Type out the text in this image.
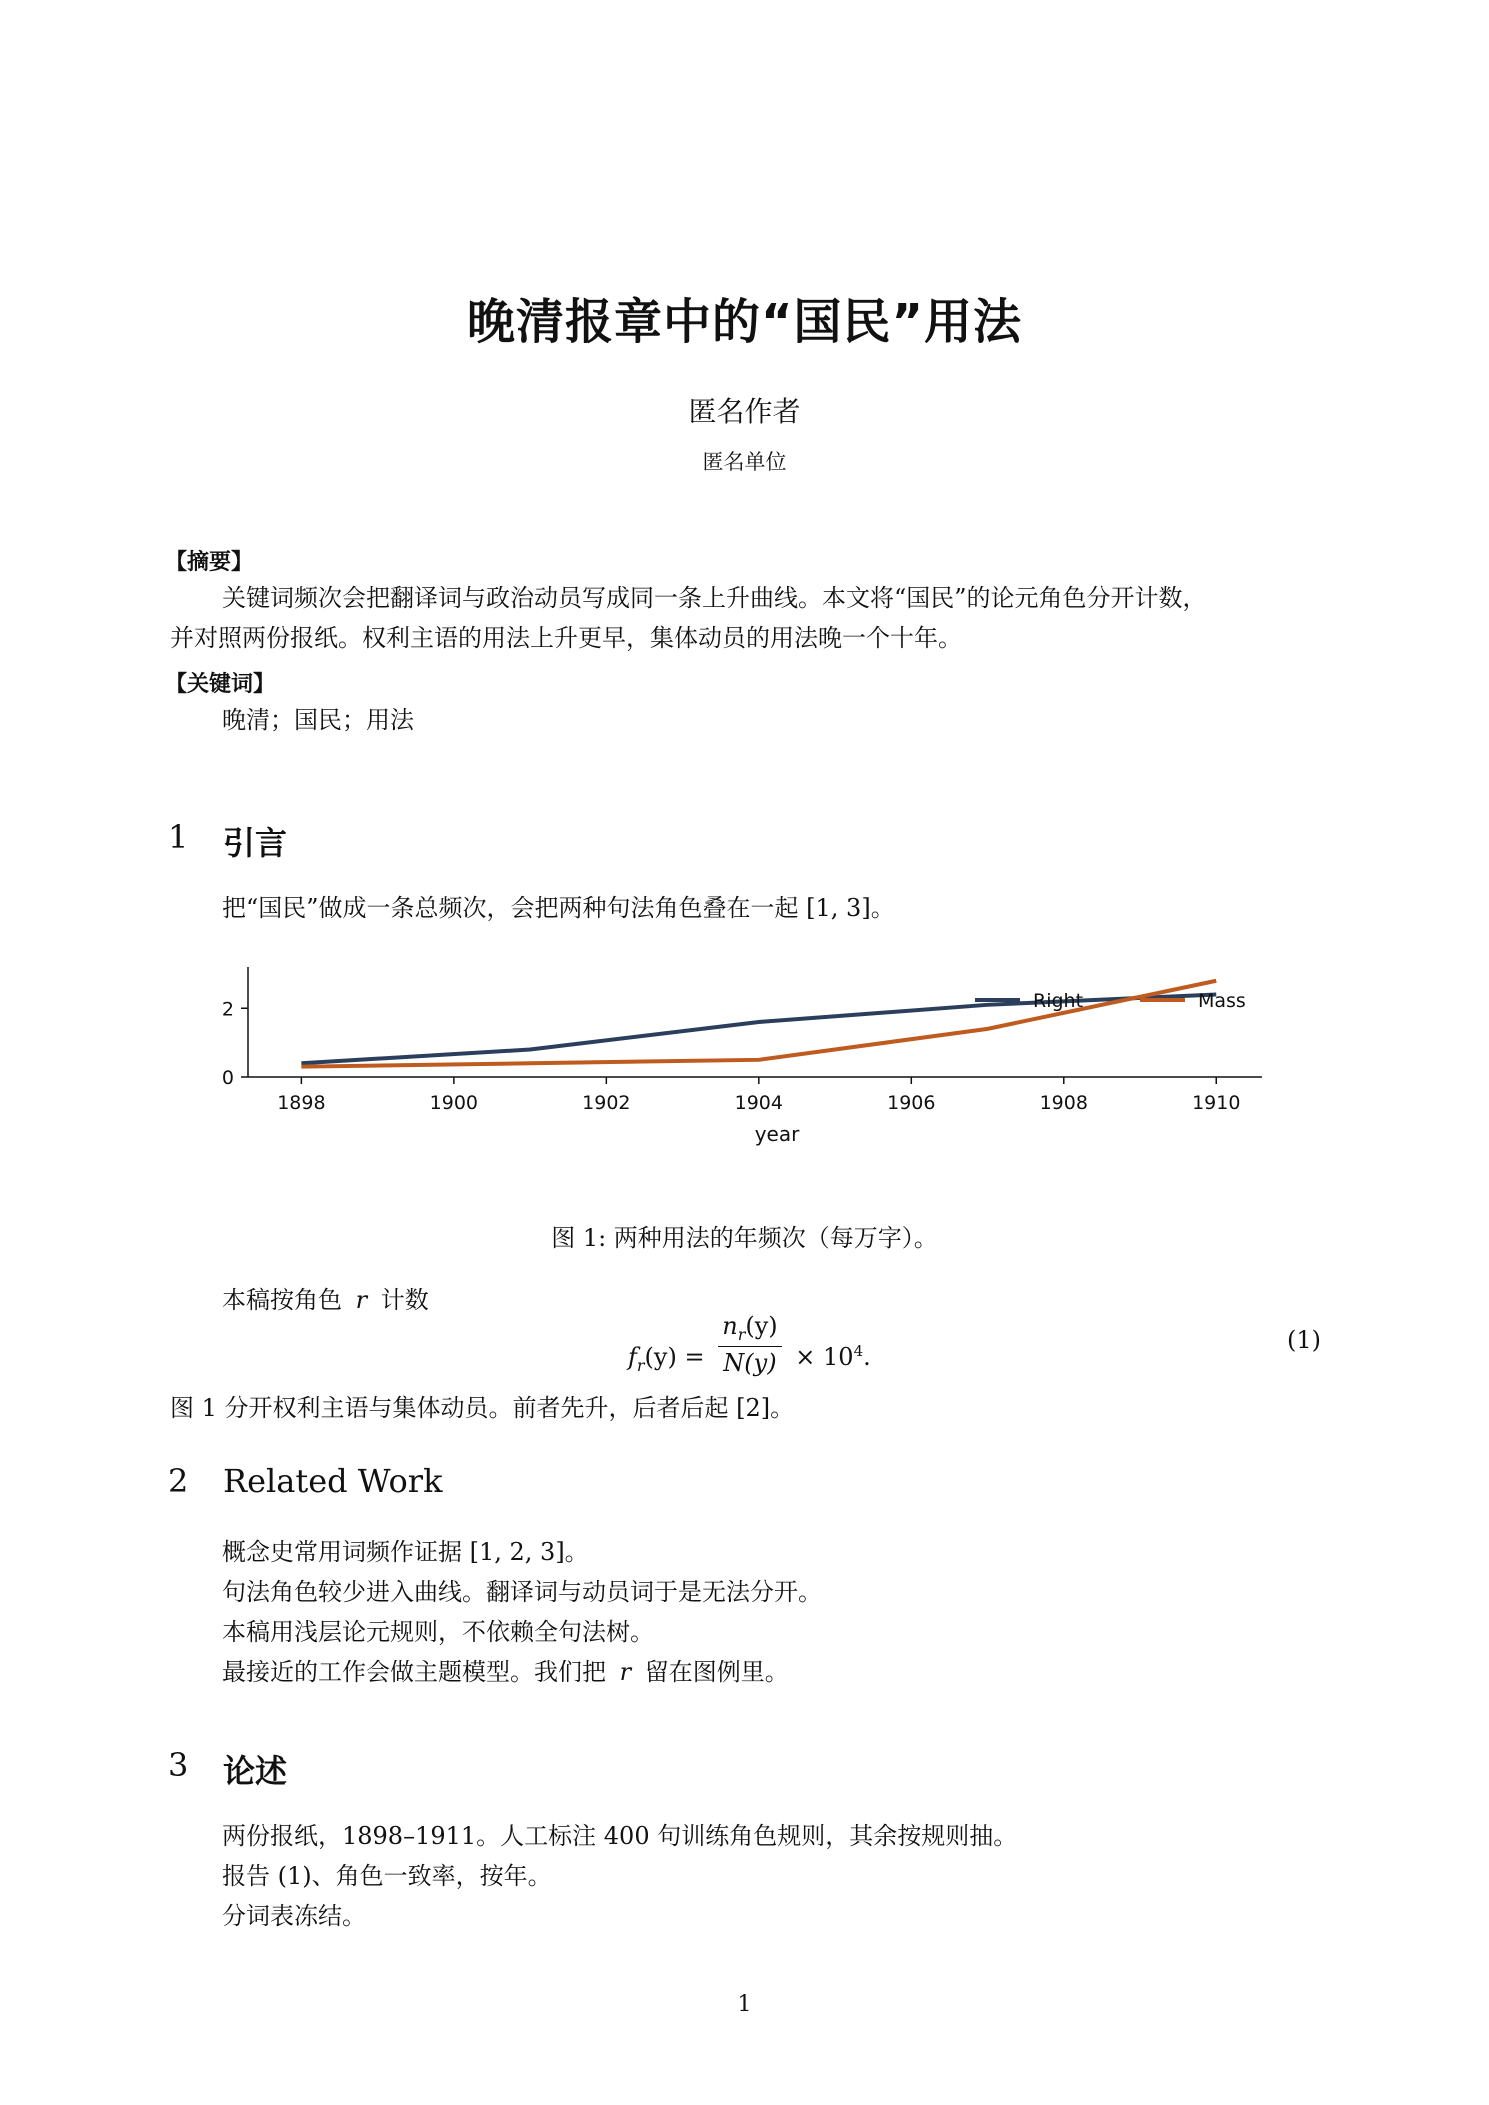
晚清报章中的“国民”用法
匿名作者
匿名单位
【摘要】
关键词频次会把翻译词与政治动员写成同一条上升曲线。本文将“国民”的论元角色分开计数，
并对照两份报纸。权利主语的用法上升更早，集体动员的用法晚一个十年。
【关键词】
晚清；国民；用法
1 引言
把“国民”做成一条总频次，会把两种句法角色叠在一起 [1, 3]。
1898	1900	1902	1904	1906	1908	1910
0
2
year
Right	Mass
图 1: 两种用法的年频次（每万字）。
本稿按角色 r 计数
$f_r(y) = \frac{n_r(y)}{N(y)} \times 10^4$.
(1)
图 1 分开权利主语与集体动员。前者先升，后者后起 [2]。
2 Related Work
概念史常用词频作证据 [1, 2, 3]。
句法角色较少进入曲线。翻译词与动员词于是无法分开。
本稿用浅层论元规则，不依赖全句法树。
最接近的工作会做主题模型。我们把 r 留在图例里。
3 论述
两份报纸，1898–1911。人工标注 400 句训练角色规则，其余按规则抽。
报告 (1)、角色一致率，按年。
分词表冻结。
1
